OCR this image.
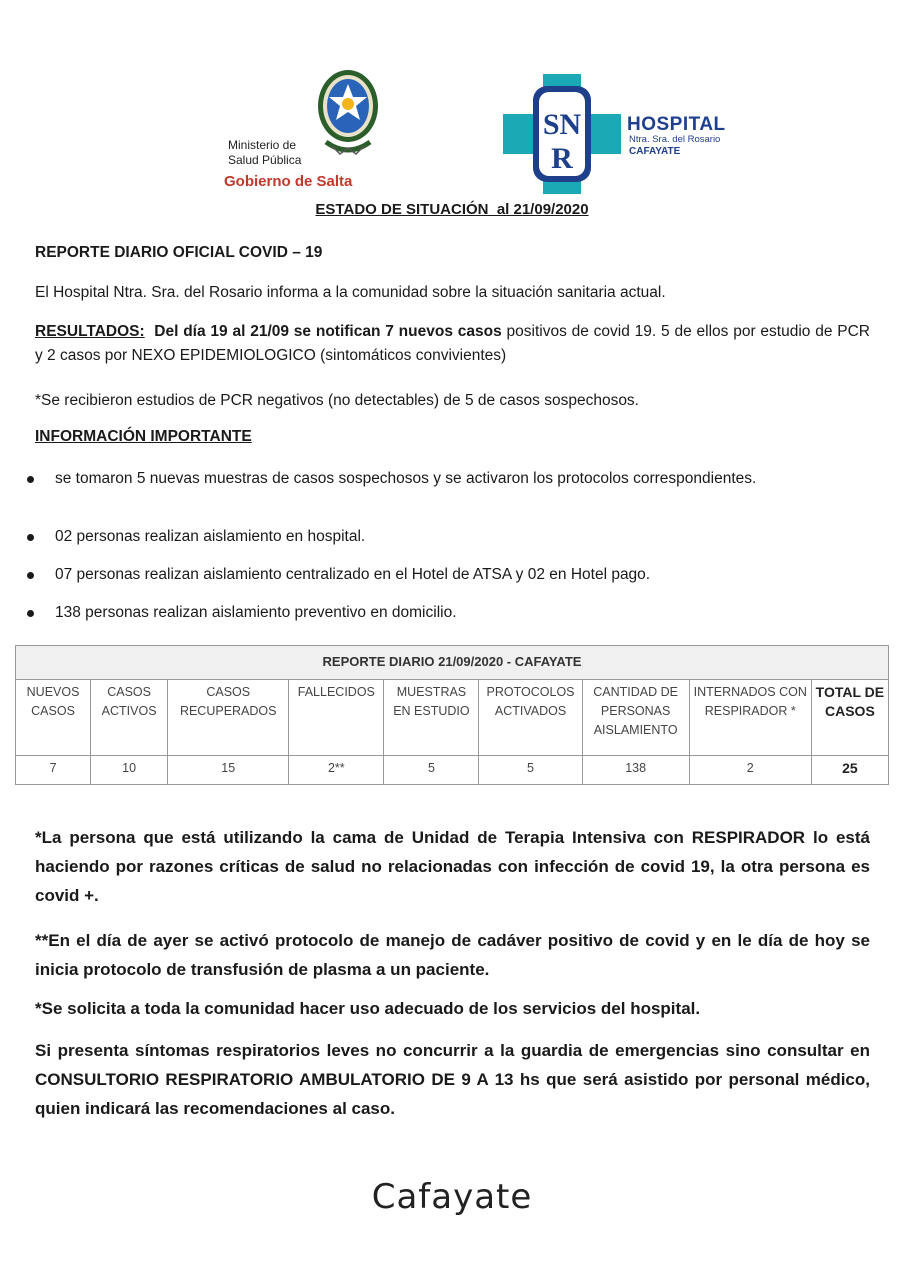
Ministerio de
Salud Pública
Gobierno de Salta
SN
R
HOSPITAL
Ntra. Sra. del Rosario
CAFAYATE
ESTADO DE SITUACIÓN  al 21/09/2020
REPORTE DIARIO OFICIAL COVID – 19
El Hospital Ntra. Sra. del Rosario informa a la comunidad sobre la situación sanitaria actual.
RESULTADOS: Del día 19 al 21/09 se notifican 7 nuevos casos positivos de covid 19. 5 de ellos por estudio de PCR y 2 casos por NEXO EPIDEMIOLOGICO (sintomáticos convivientes)
*Se recibieron estudios de PCR negativos (no detectables) de 5 de casos sospechosos.
INFORMACIÓN IMPORTANTE
se tomaron 5 nuevas muestras de casos sospechosos y se activaron los protocolos correspondientes.
02 personas realizan aislamiento en hospital.
07 personas realizan aislamiento centralizado en el Hotel de ATSA y 02 en Hotel pago.
138 personas realizan aislamiento preventivo en domicilio.
REPORTE DIARIO 21/09/2020 - CAFAYATE								
NUEVOS CASOS	CASOS ACTIVOS	CASOS RECUPERADOS	FALLECIDOS	MUESTRAS EN ESTUDIO	PROTOCOLOS ACTIVADOS	CANTIDAD DE PERSONAS AISLAMIENTO	INTERNADOS CON RESPIRADOR *	TOTAL DE CASOS
7	10	15	2**	5	5	138	2	25
*La persona que está utilizando la cama de Unidad de Terapia Intensiva con RESPIRADOR lo está haciendo por razones críticas de salud no relacionadas con infección de covid 19, la otra persona es covid +.
**En el día de ayer se activó protocolo de manejo de cadáver positivo de covid y en le día de hoy se inicia protocolo de transfusión de plasma a un paciente.
*Se solicita a toda la comunidad hacer uso adecuado de los servicios del hospital.
Si presenta síntomas respiratorios leves no concurrir a la guardia de emergencias sino consultar en CONSULTORIO RESPIRATORIO AMBULATORIO DE 9 A 13 hs que será asistido por personal médico, quien indicará las recomendaciones al caso.
Cafayate
